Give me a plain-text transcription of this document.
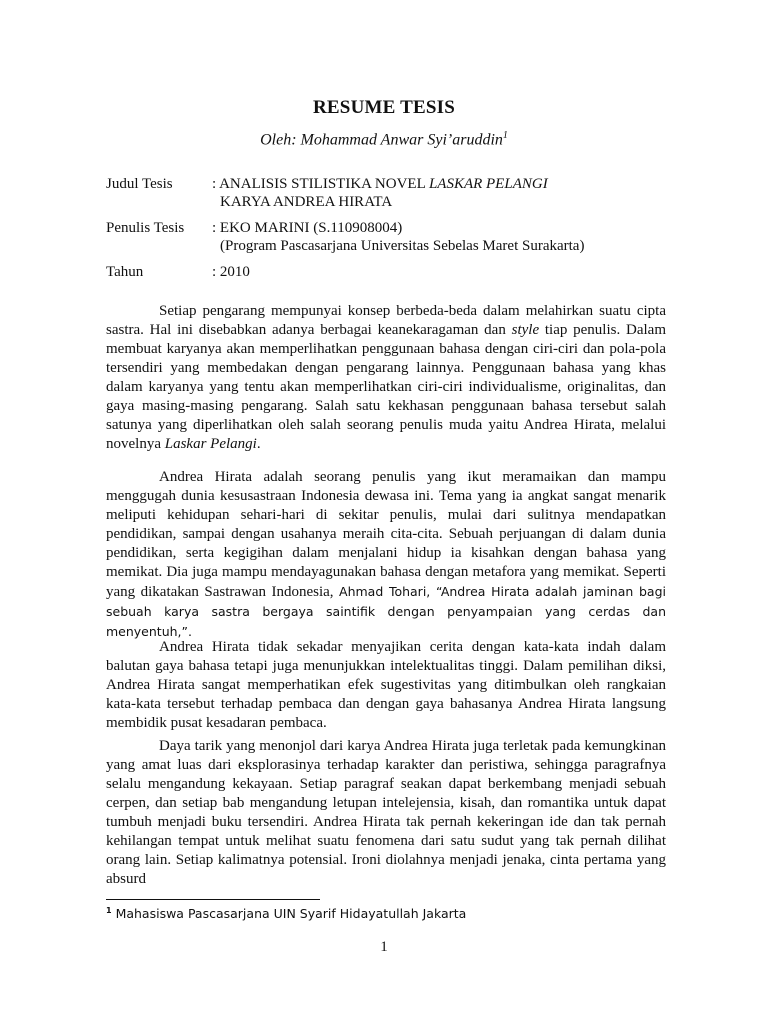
RESUME TESIS
Oleh: Mohammad Anwar Syi’aruddin$^1$
Judul Tesis	: ANALISIS STILISTIKA NOVEL LASKAR PELANGI
KARYA ANDREA HIRATA
Penulis Tesis : EKO MARINI (S.110908004)
(Program Pascasarjana Universitas Sebelas Maret Surakarta)
Tahun	: 2010

Setiap pengarang mempunyai konsep berbeda-beda dalam melahirkan suatu cipta sastra. Hal ini disebabkan adanya berbagai keanekaragaman dan style tiap penulis. Dalam membuat karyanya akan memperlihatkan penggunaan bahasa dengan ciri-ciri dan pola-pola tersendiri yang membedakan dengan pengarang lainnya. Penggunaan bahasa yang khas dalam karyanya yang tentu akan memperlihatkan ciri-ciri individualisme, originalitas, dan gaya masing-masing pengarang. Salah satu kekhasan penggunaan bahasa tersebut salah satunya yang diperlihatkan oleh salah seorang penulis muda yaitu Andrea Hirata, melalui novelnya Laskar Pelangi.

Andrea Hirata adalah seorang penulis yang ikut meramaikan dan mampu menggugah dunia kesusastraan Indonesia dewasa ini. Tema yang ia angkat sangat menarik meliputi kehidupan sehari-hari di sekitar penulis, mulai dari sulitnya mendapatkan pendidikan, sampai dengan usahanya meraih cita-cita. Sebuah perjuangan di dalam dunia pendidikan, serta kegigihan dalam menjalani hidup ia kisahkan dengan bahasa yang memikat. Dia juga mampu mendayagunakan bahasa dengan metafora yang memikat. Seperti yang dikatakan Sastrawan Indonesia, Ahmad Tohari, “Andrea Hirata adalah jaminan bagi sebuah karya sastra bergaya saintifik dengan penyampaian yang cerdas dan menyentuh,”.

Andrea Hirata tidak sekadar menyajikan cerita dengan kata-kata indah dalam balutan gaya bahasa tetapi juga menunjukkan intelektualitas tinggi. Dalam pemilihan diksi, Andrea Hirata sangat memperhatikan efek sugestivitas yang ditimbulkan oleh rangkaian kata-kata tersebut terhadap pembaca dan dengan gaya bahasanya Andrea Hirata langsung membidik pusat kesadaran pembaca.

Daya tarik yang menonjol dari karya Andrea Hirata juga terletak pada kemungkinan yang amat luas dari eksplorasinya terhadap karakter dan peristiwa, sehingga paragrafnya selalu mengandung kekayaan. Setiap paragraf seakan dapat berkembang menjadi sebuah cerpen, dan setiap bab mengandung letupan intelejensia, kisah, dan romantika untuk dapat tumbuh menjadi buku tersendiri. Andrea Hirata tak pernah kekeringan ide dan tak pernah kehilangan tempat untuk melihat suatu fenomena dari satu sudut yang tak pernah dilihat orang lain. Setiap kalimatnya potensial. Ironi diolahnya menjadi jenaka, cinta pertama yang absurd

$^1$ Mahasiswa Pascasarjana UIN Syarif Hidayatullah Jakarta
1
